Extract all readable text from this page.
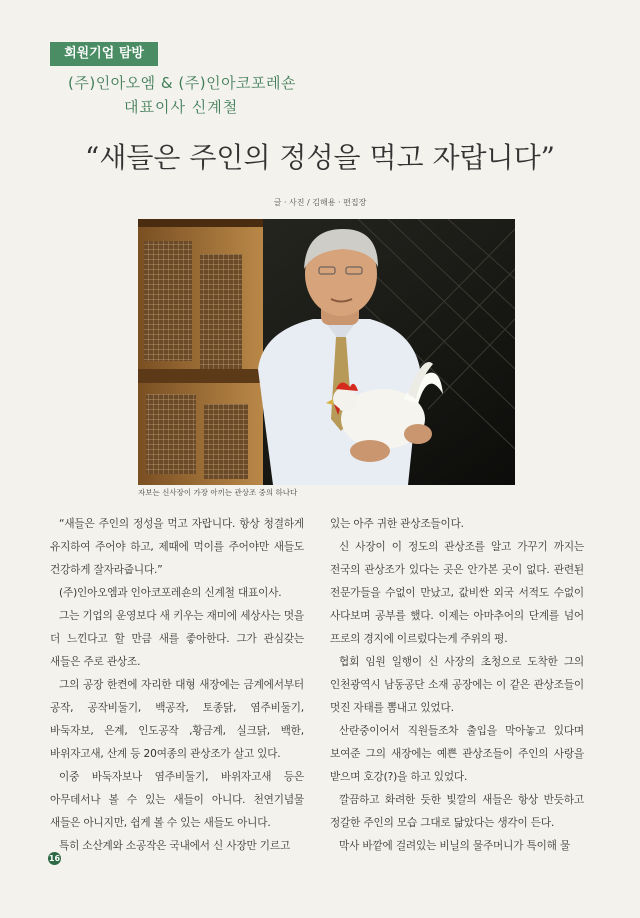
회원기업 탐방
(주)인아오엠 & (주)인아코포레숀
대표이사 신계철
“새들은 주인의 정성을 먹고 자랍니다”
글 · 사진 / 김해용 · 편집장
자보는 신사장이 가장 아끼는 관상조 중의 하나다

“새들은 주인의 정성을 먹고 자랍니다. 항상 청결하게 유지하여 주어야 하고, 제때에 먹이를 주어야만 새들도 건강하게 잘자라줍니다.”

(주)인아오엠과 인아코포레숀의 신계철 대표이사.

그는 기업의 운영보다 새 키우는 재미에 세상사는 멋을 더 느낀다고 할 만큼 새를 좋아한다. 그가 관심갖는 새들은 주로 관상조.

그의 공장 한켠에 자리한 대형 새장에는 금계에서부터 공작, 공작비둘기, 백공작, 토종닭, 염주비둘기, 바둑자보, 은계, 인도공작 ,황금계, 실크닭, 백한, 바위자고새, 산계 등 20여종의 관상조가 살고 있다.

이중 바둑자보나 염주비둘기, 바위자고새 등은 아무데서나 볼 수 있는 새들이 아니다. 천연기념물 새들은 아니지만, 쉽게 볼 수 있는 새들도 아니다.

특히 소산계와 소공작은 국내에서 신 사장만 기르고

있는 아주 귀한 관상조들이다.

신 사장이 이 정도의 관상조를 알고 가꾸기 까지는 전국의 관상조가 있다는 곳은 안가본 곳이 없다. 관련된 전문가들을 수없이 만났고, 값비싼 외국 서적도 수없이 사다보며 공부를 했다. 이제는 아마추어의 단계를 넘어 프로의 경지에 이르렀다는게 주위의 평.

협회 임원 일행이 신 사장의 초청으로 도착한 그의 인천광역시 남동공단 소재 공장에는 이 같은 관상조들이 멋진 자태를 뽐내고 있었다.

산란중이어서 직원들조차 출입을 막아놓고 있다며 보여준 그의 새장에는 예쁜 관상조들이 주인의 사랑을 받으며 호강(?)을 하고 있었다.

깔끔하고 화려한 듯한 빛깔의 새들은 항상 반듯하고 정갈한 주인의 모습 그대로 닮았다는 생각이 든다.

막사 바깥에 걸려있는 비닐의 물주머니가 특이해 물

16
